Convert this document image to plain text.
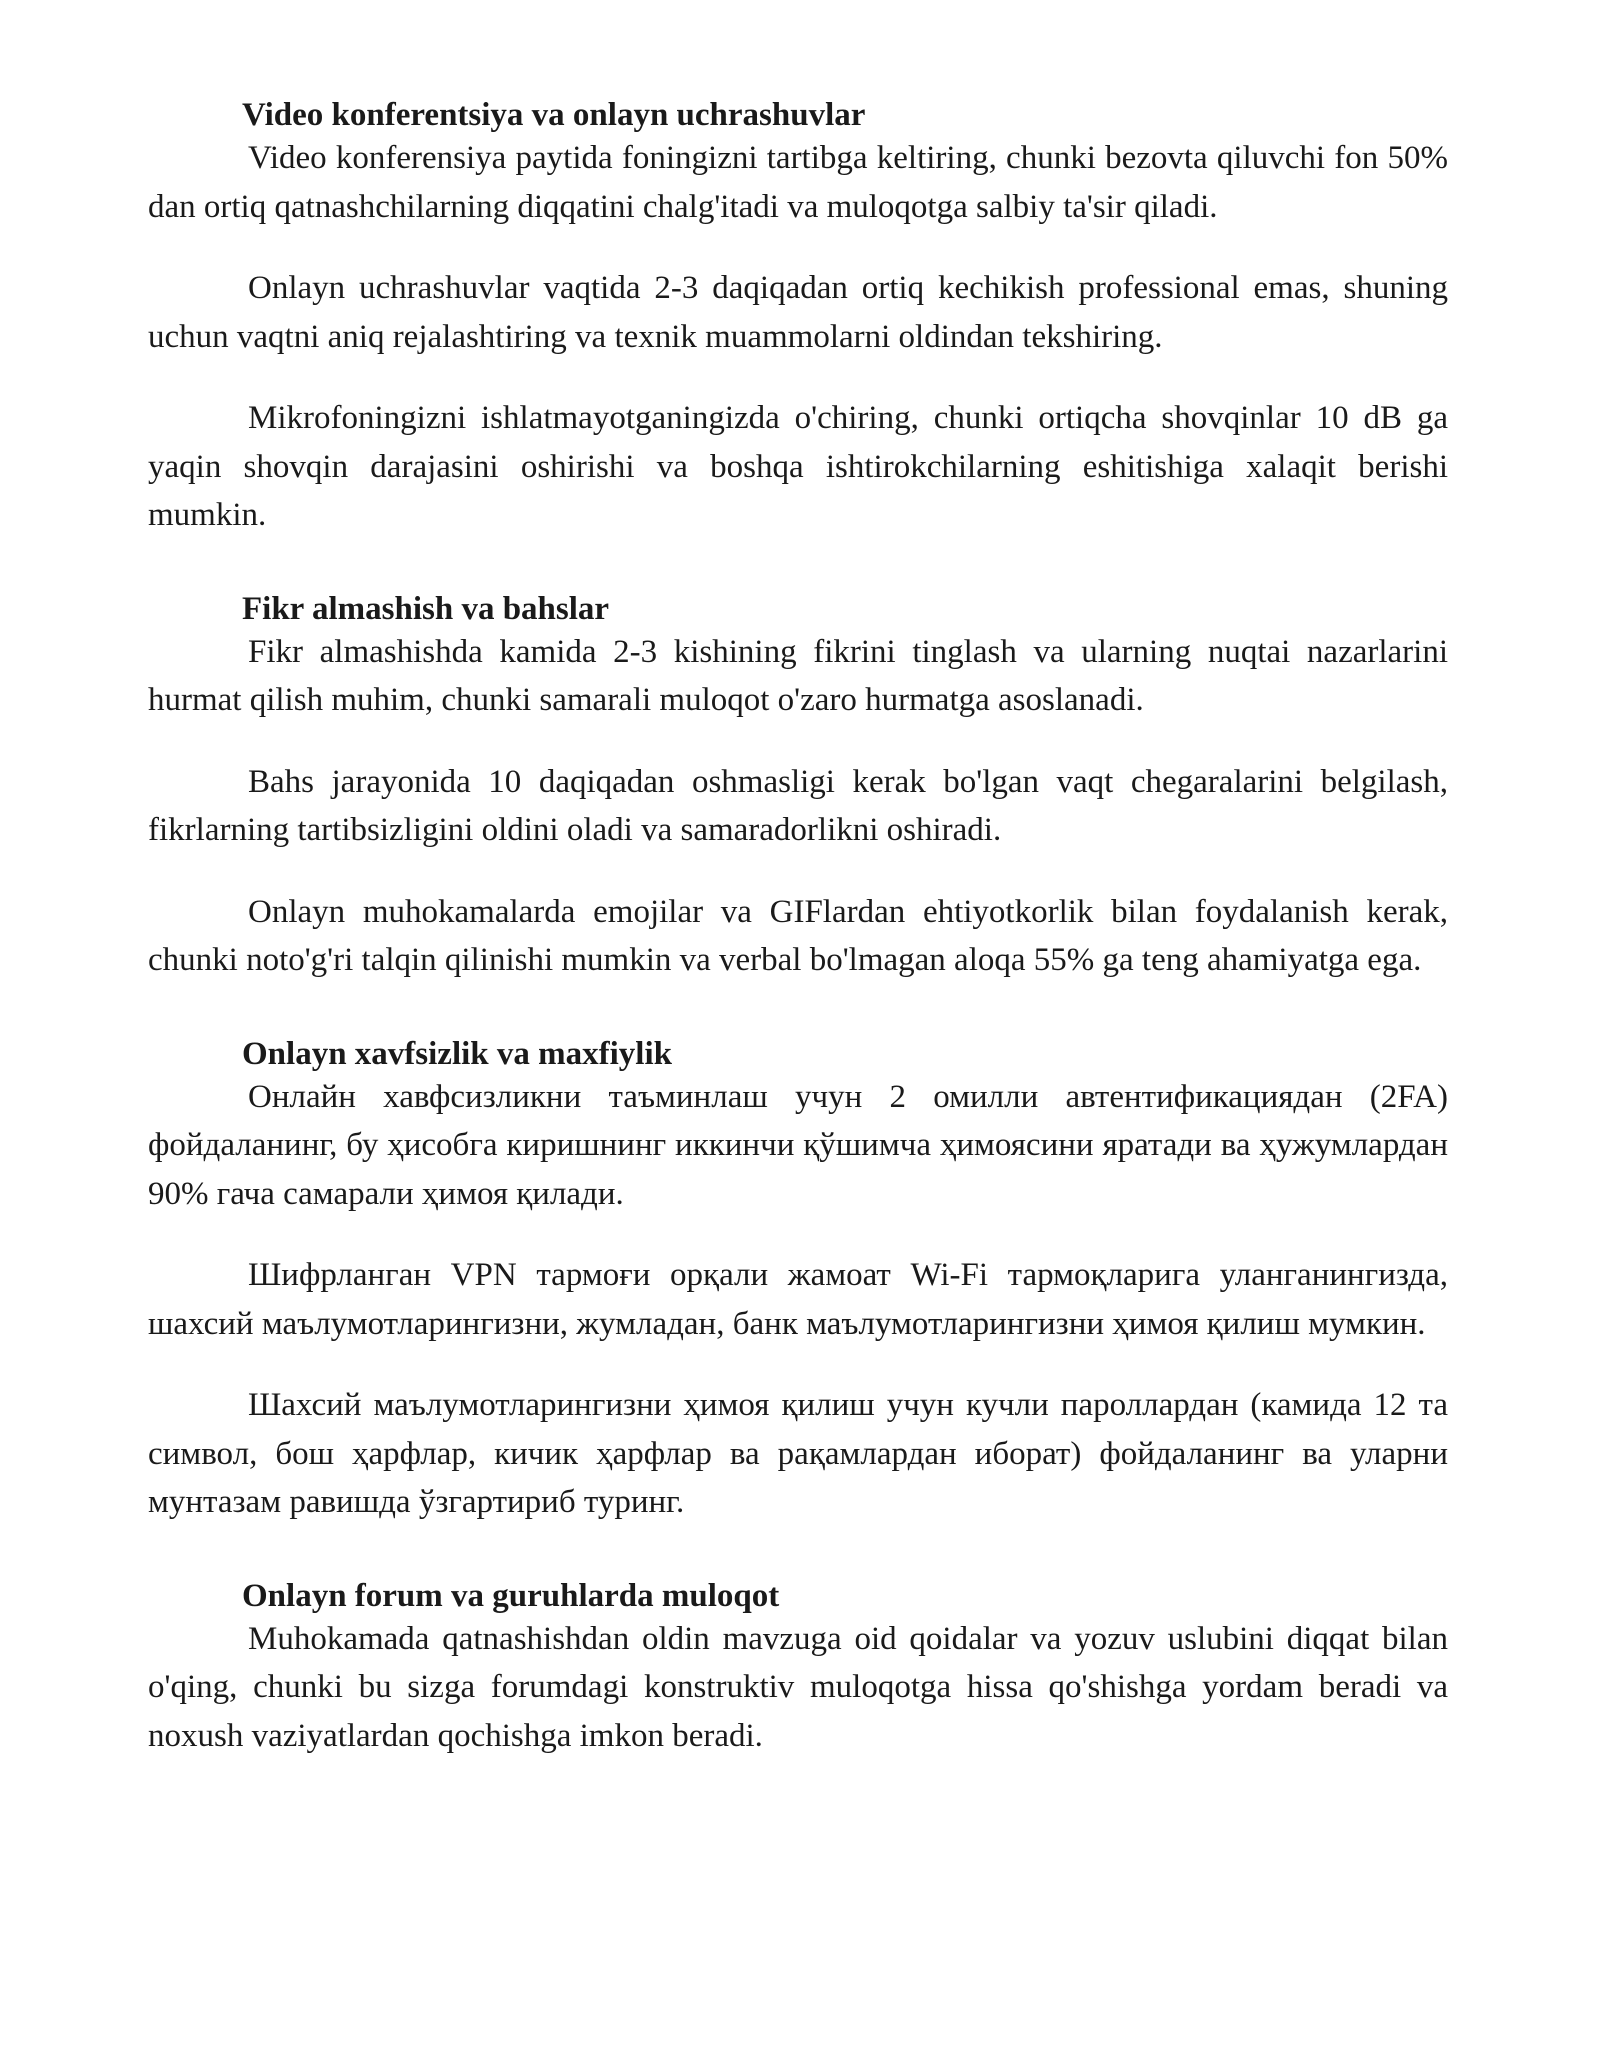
Video konferentsiya va onlayn uchrashuvlar

Video konferensiya paytida foningizni tartibga keltiring, chunki bezovta qiluvchi fon 50% dan ortiq qatnashchilarning diqqatini chalg'itadi va muloqotga salbiy ta'sir qiladi.

Onlayn uchrashuvlar vaqtida 2-3 daqiqadan ortiq kechikish professional emas, shuning uchun vaqtni aniq rejalashtiring va texnik muammolarni oldindan tekshiring.

Mikrofoningizni ishlatmayotganingizda o'chiring, chunki ortiqcha shovqinlar 10 dB ga yaqin shovqin darajasini oshirishi va boshqa ishtirokchilarning eshitishiga xalaqit berishi mumkin.

Fikr almashish va bahslar

Fikr almashishda kamida 2-3 kishining fikrini tinglash va ularning nuqtai nazarlarini hurmat qilish muhim, chunki samarali muloqot o'zaro hurmatga asoslanadi.

Bahs jarayonida 10 daqiqadan oshmasligi kerak bo'lgan vaqt chegaralarini belgilash, fikrlarning tartibsizligini oldini oladi va samaradorlikni oshiradi.

Onlayn muhokamalarda emojilar va GIFlardan ehtiyotkorlik bilan foydalanish kerak, chunki noto'g'ri talqin qilinishi mumkin va verbal bo'lmagan aloqa 55% ga teng ahamiyatga ega.

Onlayn xavfsizlik va maxfiylik

Онлайн хавфсизликни таъминлаш учун 2 омилли автентификациядан (2FA) фойдаланинг, бу ҳисобга киришнинг иккинчи қўшимча ҳимоясини яратади ва ҳужумлардан 90% гача самарали ҳимоя қилади.

Шифрланган VPN тармоғи орқали жамоат Wi-Fi тармоқларига уланганингизда, шахсий маълумотларингизни, жумладан, банк маълумотларингизни ҳимоя қилиш мумкин.

Шахсий маълумотларингизни ҳимоя қилиш учун кучли пароллардан (камида 12 та символ, бош ҳарфлар, кичик ҳарфлар ва рақамлардан иборат) фойдаланинг ва уларни мунтазам равишда ўзгартириб туринг.

Onlayn forum va guruhlarda muloqot

Muhokamada qatnashishdan oldin mavzuga oid qoidalar va yozuv uslubini diqqat bilan o'qing, chunki bu sizga forumdagi konstruktiv muloqotga hissa qo'shishga yordam beradi va noxush vaziyatlardan qochishga imkon beradi.
